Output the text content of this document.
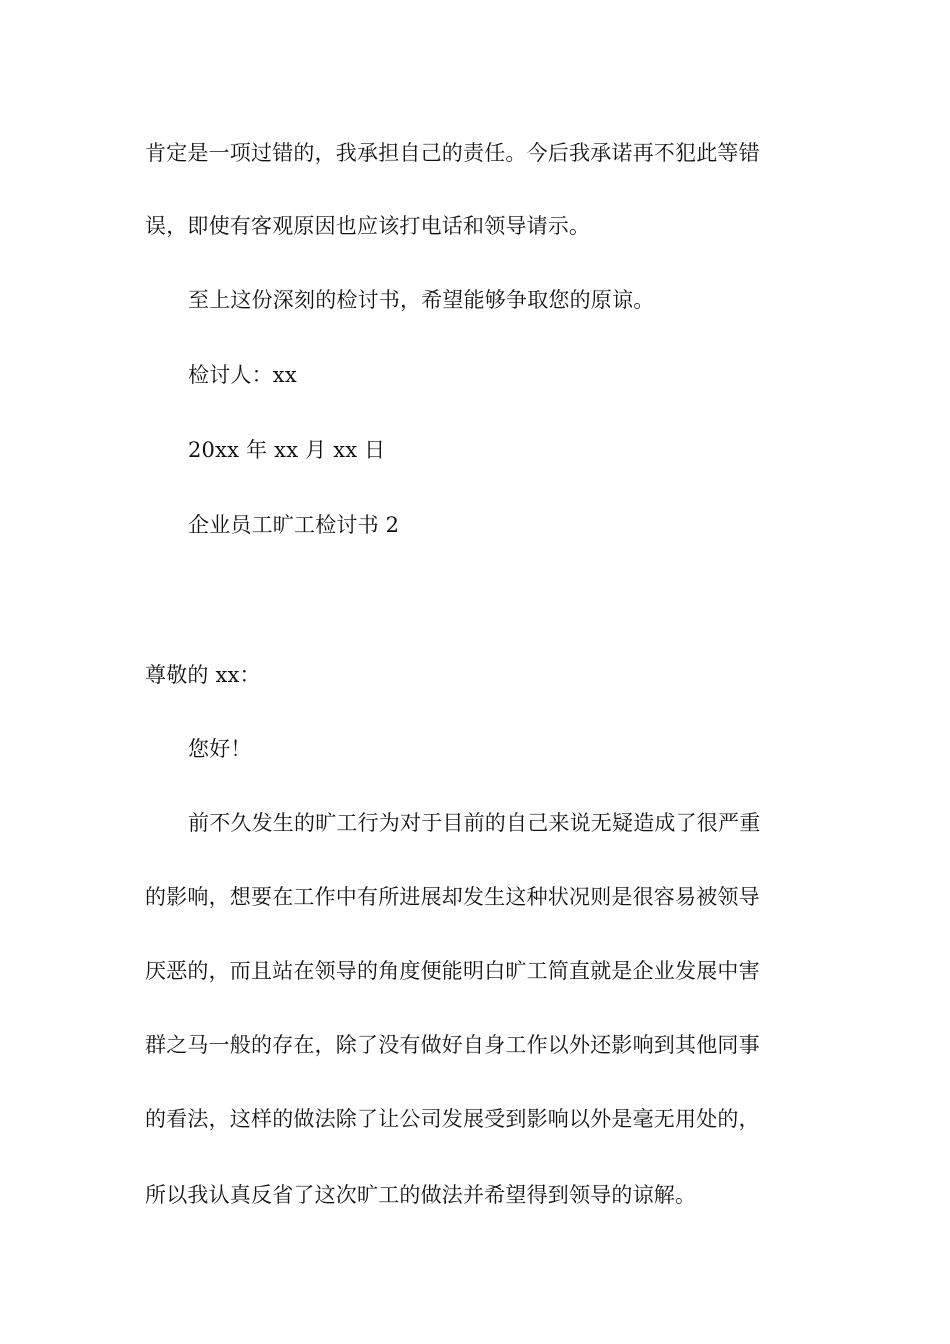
肯定是一项过错的，我承担自己的责任。今后我承诺再不犯此等错
误，即使有客观原因也应该打电话和领导请示。
至上这份深刻的检讨书，希望能够争取您的原谅。
检讨人：xx
20xx 年 xx 月 xx 日
企业员工旷工检讨书 2
尊敬的 xx：
您好！
前不久发生的旷工行为对于目前的自己来说无疑造成了很严重
的影响，想要在工作中有所进展却发生这种状况则是很容易被领导
厌恶的，而且站在领导的角度便能明白旷工简直就是企业发展中害
群之马一般的存在，除了没有做好自身工作以外还影响到其他同事
的看法，这样的做法除了让公司发展受到影响以外是毫无用处的，
所以我认真反省了这次旷工的做法并希望得到领导的谅解。
